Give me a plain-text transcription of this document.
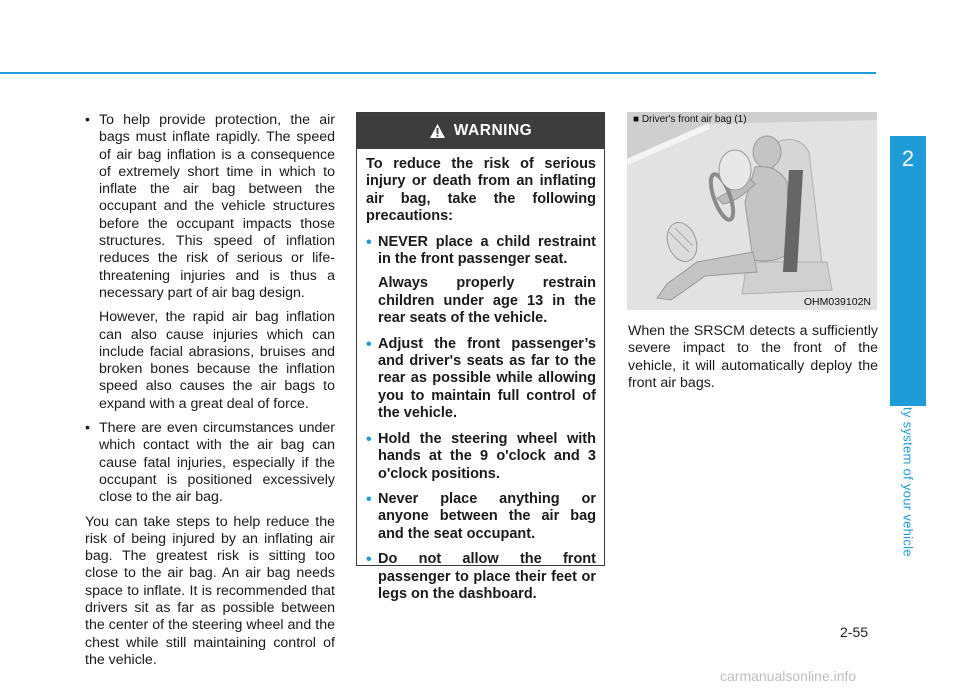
• To help provide protection, the air bags must inflate rapidly. The speed of air bag inflation is a consequence of extremely short time in which to inflate the air bag between the occupant and the vehicle structures before the occupant impacts those structures. This speed of inflation reduces the risk of serious or life-threatening injuries and is thus a necessary part of air bag design.

However, the rapid air bag inflation can also cause injuries which can include facial abrasions, bruises and broken bones because the inflation speed also causes the air bags to expand with a great deal of force.

• There are even circumstances under which contact with the air bag can cause fatal injuries, especially if the occupant is positioned excessively close to the air bag.

You can take steps to help reduce the risk of being injured by an inflating air bag. The greatest risk is sitting too close to the air bag. An air bag needs space to inflate. It is recommended that drivers sit as far as possible between the center of the steering wheel and the chest while still maintaining control of the vehicle.

WARNING

To reduce the risk of serious injury or death from an inflating air bag, take the following precautions:

• NEVER place a child restraint in the front passenger seat.

Always properly restrain children under age 13 in the rear seats of the vehicle.

• Adjust the front passenger’s and driver's seats as far to the rear as possible while allowing you to maintain full control of the vehicle.

• Hold the steering wheel with hands at the 9 o'clock and 3 o'clock positions.

• Never place anything or anyone between the air bag and the seat occupant.

• Do not allow the front passenger to place their feet or legs on the dashboard.

■ Driver's front air bag (1)
OHM039102N

When the SRSCM detects a sufficiently severe impact to the front of the vehicle, it will automatically deploy the front air bags.

2
Safety system of your vehicle
2-55
carmanualsonline.info
